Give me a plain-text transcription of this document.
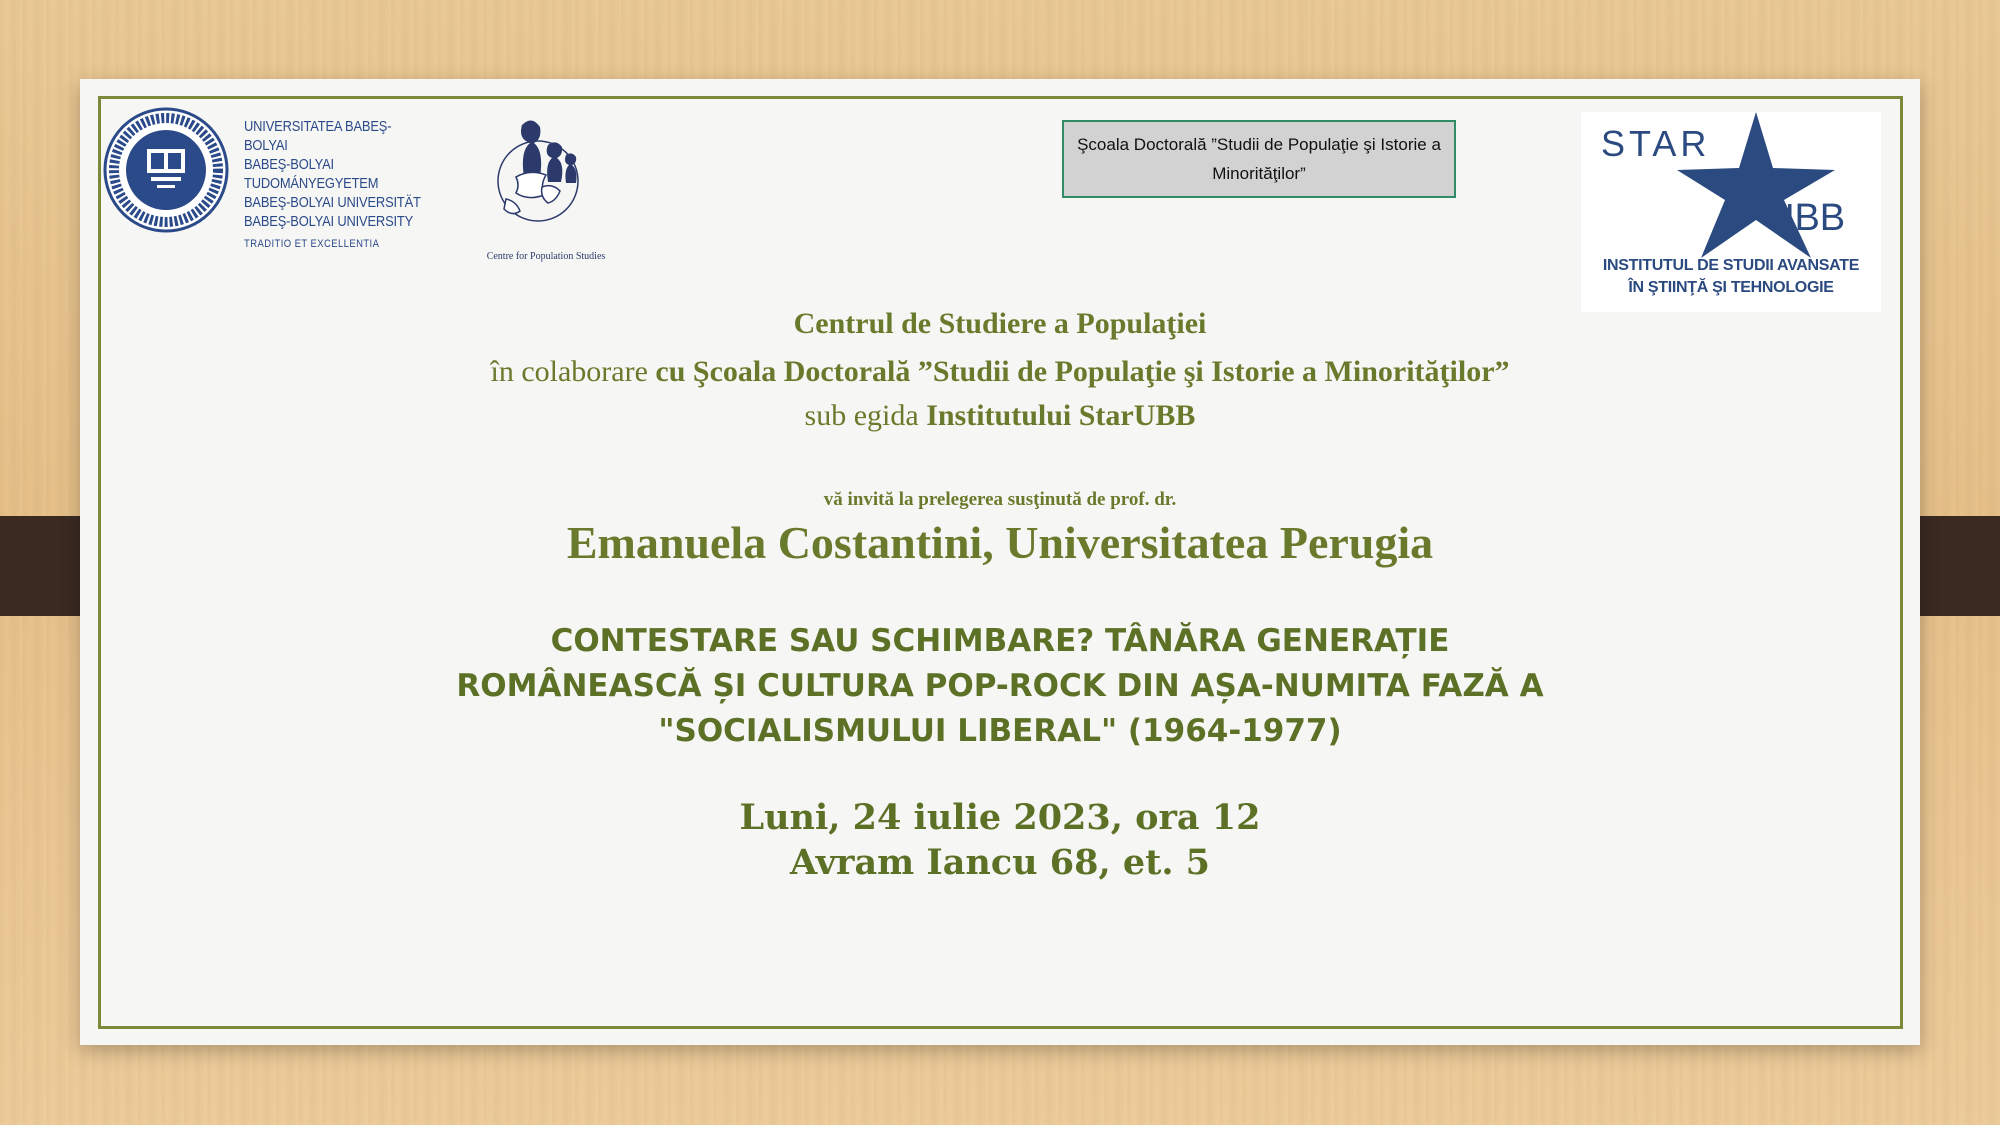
UNIVERSITATEA BABEŞ-BOLYAI
BABEŞ-BOLYAI TUDOMÁNYEGYETEM
BABEŞ-BOLYAI UNIVERSITÄT
BABEŞ-BOLYAI UNIVERSITY
TRADITIO ET EXCELLENTIA
Centre for Population Studies
Şcoala Doctorală ”Studii de Populaţie şi Istorie a Minorităţilor”
STAR
UBB
INSTITUTUL DE STUDII AVANSATE
ÎN ŞTIINŢĂ ŞI TEHNOLOGIE
Centrul de Studiere a Populaţiei
în colaborare cu Şcoala Doctorală ”Studii de Populaţie şi Istorie a Minorităţilor”
sub egida Institutului StarUBB
vă invită la prelegerea susţinută de prof. dr.
Emanuela Costantini, Universitatea Perugia
CONTESTARE SAU SCHIMBARE? TÂNĂRA GENERAȚIE
ROMÂNEASCĂ ȘI CULTURA POP-ROCK DIN AȘA-NUMITA FAZĂ A
"SOCIALISMULUI LIBERAL" (1964-1977)
Luni, 24 iulie 2023, ora 12
Avram Iancu 68, et. 5
